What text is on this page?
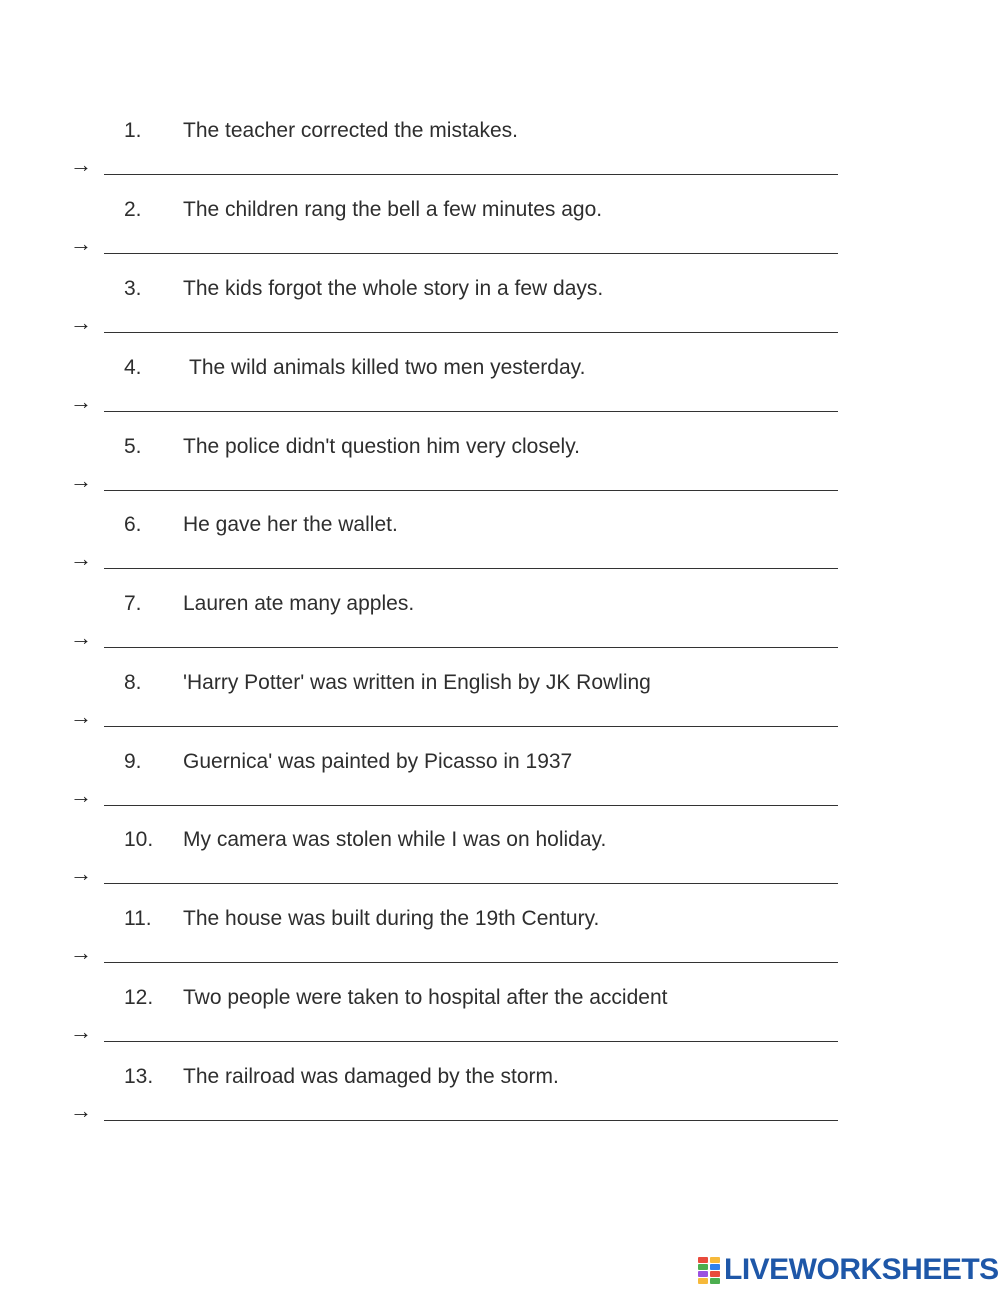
1. The teacher corrected the mistakes.
→
2. The children rang the bell a few minutes ago.
→
3. The kids forgot the whole story in a few days.
→
4. The wild animals killed two men yesterday.
→
5. The police didn't question him very closely.
→
6. He gave her the wallet.
→
7. Lauren ate many apples.
→
8. 'Harry Potter' was written in English by JK Rowling
→
9. Guernica' was painted by Picasso in 1937
→
10. My camera was stolen while I was on holiday.
→
11. The house was built during the 19th Century.
→
12. Two people were taken to hospital after the accident
→
13. The railroad was damaged by the storm.
→
LIVEWORKSHEETS
